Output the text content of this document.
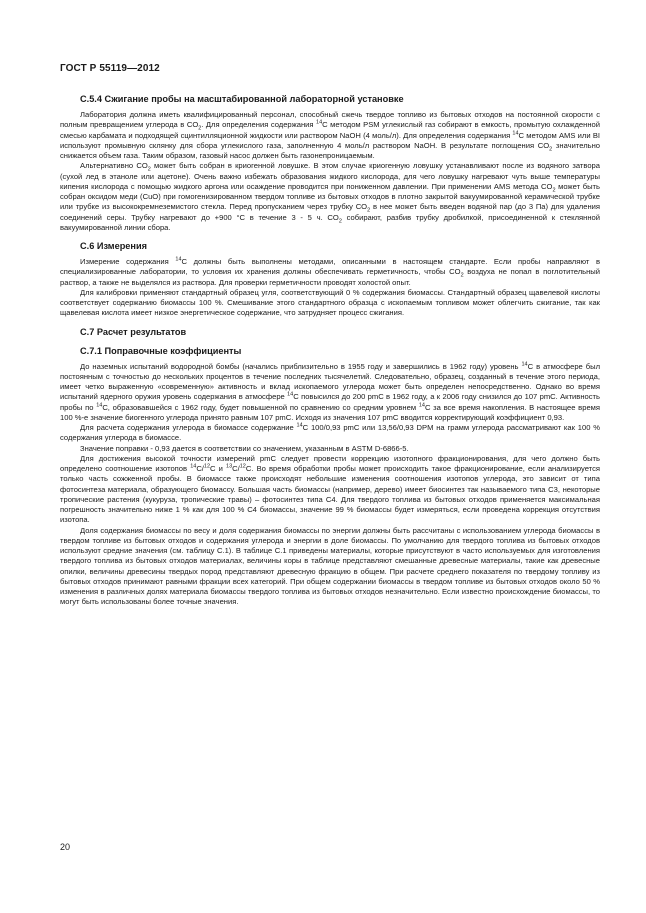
ГОСТ Р 55119—2012
С.5.4 Сжигание пробы на масштабированной лабораторной установке

Лаборатория должна иметь квалифицированный персонал, способный сжечь твердое топливо из бытовых отходов на постоянной скорости с полным превращением углерода в $CO_2$. Для определения содержания $^{14}$С методом PSM углекислый газ собирают в емкость, промытую охлажденной смесью карбамата и подходящей сцинтилляционной жидкости или раствором NaOH (4 моль/л). Для определения содержания $^{14}$С методом AMS или BI используют промывную склянку для сбора углекислого газа, заполненную 4 моль/л раствором NaOH. В результате поглощения $CO_2$ значительно снижается объем газа. Таким образом, газовый насос должен быть газонепроницаемым.

Альтернативно $CO_2$ может быть собран в криогенной ловушке. В этом случае криогенную ловушку устанавливают после из водяного затвора (сухой лед в этаноле или ацетоне). Очень важно избежать образования жидкого кислорода, для чего ловушку нагревают чуть выше температуры кипения кислорода с помощью жидкого аргона или осаждение проводится при пониженном давлении. При применении AMS метода $CO_2$ может быть собран оксидом меди (CuO) при гомогенизированном твердом топливе из бытовых отходов в плотно закрытой вакуумированной керамической трубке или трубке из высококремнеземистого стекла. Перед пропусканием через трубку $CO_2$ в нее может быть введен водяной пар (до 3 Па) для удаления соединений серы. Трубку нагревают до +900 °С в течение 3 - 5 ч. $CO_2$ собирают, разбив трубку дробилкой, присоединенной к стеклянной вакуумированной линии сбора.

С.6 Измерения

Измерение содержания $^{14}$С должны быть выполнены методами, описанными в настоящем стандарте. Если пробы направляют в специализированные лаборатории, то условия их хранения должны обеспечивать герметичность, чтобы $CO_2$ воздуха не попал в поглотительный раствор, а также не выделялся из раствора. Для проверки герметичности проводят холостой опыт.

Для калибровки применяют стандартный образец угля, соответствующий 0 % содержания биомассы. Стандартный образец щавелевой кислоты соответствует содержанию биомассы 100 %. Смешивание этого стандартного образца с ископаемым топливом может облегчить сжигание, так как щавелевая кислота имеет низкое энергетическое содержание, что затрудняет процесс сжигания.

С.7 Расчет результатов
С.7.1 Поправочные коэффициенты

До наземных испытаний водородной бомбы (начались приблизительно в 1955 году и завершились в 1962 году) уровень $^{14}$С в атмосфере был постоянным с точностью до нескольких процентов в течение последних тысячелетий. Следовательно, образец, созданный в течение этого периода, имеет четко выраженную «современную» активность и вклад ископаемого углерода может быть определен непосредственно. Однако во время испытаний ядерного оружия уровень содержания в атмосфере $^{14}$С повысился до 200 pmC в 1962 году, а к 2006 году снизился до 107 pmC. Активность пробы по $^{14}$С, образовавшейся с 1962 году, будет повышенной по сравнению со средним уровнем $^{14}$С за все время накопления. В настоящее время 100 %-е значение биогенного углерода принято равным 107 pmC. Исходя из значения 107 pmC вводится корректирующий коэффициент 0,93.

Для расчета содержания углерода в биомассе содержание $^{14}$С 100/0,93 pmC или 13,56/0,93 DPM на грамм углерода рассматривают как 100 % содержания углерода в биомассе.

Значение поправки - 0,93 дается в соответствии со значением, указанным в ASTM D-6866-5.

Для достижения высокой точности измерений pmC следует провести коррекцию изотопного фракционирования, для чего должно быть определено соотношение изотопов $^{14}$С/$^{12}$С и $^{13}$С/$^{12}$С. Во время обработки пробы может происходить такое фракционирование, если анализируется только часть сожженной пробы. В биомассе также происходят небольшие изменения соотношения изотопов углерода, это зависит от типа фотосинтеза материала, образующего биомассу. Большая часть биомассы (например, дерево) имеет биосинтез так называемого типа С3, некоторые тропические растения (кукуруза, тропические травы) – фотосинтез типа С4. Для твердого топлива из бытовых отходов применяется максимальная погрешность значительно ниже 1 % как для 100 % С4 биомассы, значение 99 % биомассы будет измеряться, если проведена коррекция отсутствия изотопа.

Доля содержания биомассы по весу и доля содержания биомассы по энергии должны быть рассчитаны с использованием углерода биомассы в твердом топливе из бытовых отходов и содержания углерода и энергии в доле биомассы. По умолчанию для твердого топлива из бытовых отходов используют средние значения (см. таблицу С.1). В таблице С.1 приведены материалы, которые присутствуют в часто используемых для изготовления твердого топлива из бытовых отходов материалах, величины коры в таблице представляют смешанные древесные материалы, такие как древесные опилки, величины древесины твердых пород представляют древесную фракцию в общем. При расчете среднего показателя по твердому топливу из бытовых отходов принимают равными фракции всех категорий. При общем содержании биомассы в твердом топливе из бытовых отходов около 50 % изменения в различных долях материала биомассы твердого топлива из бытовых отходов незначительно. Если известно происхождение биомассы, то могут быть использованы более точные значения.

20
